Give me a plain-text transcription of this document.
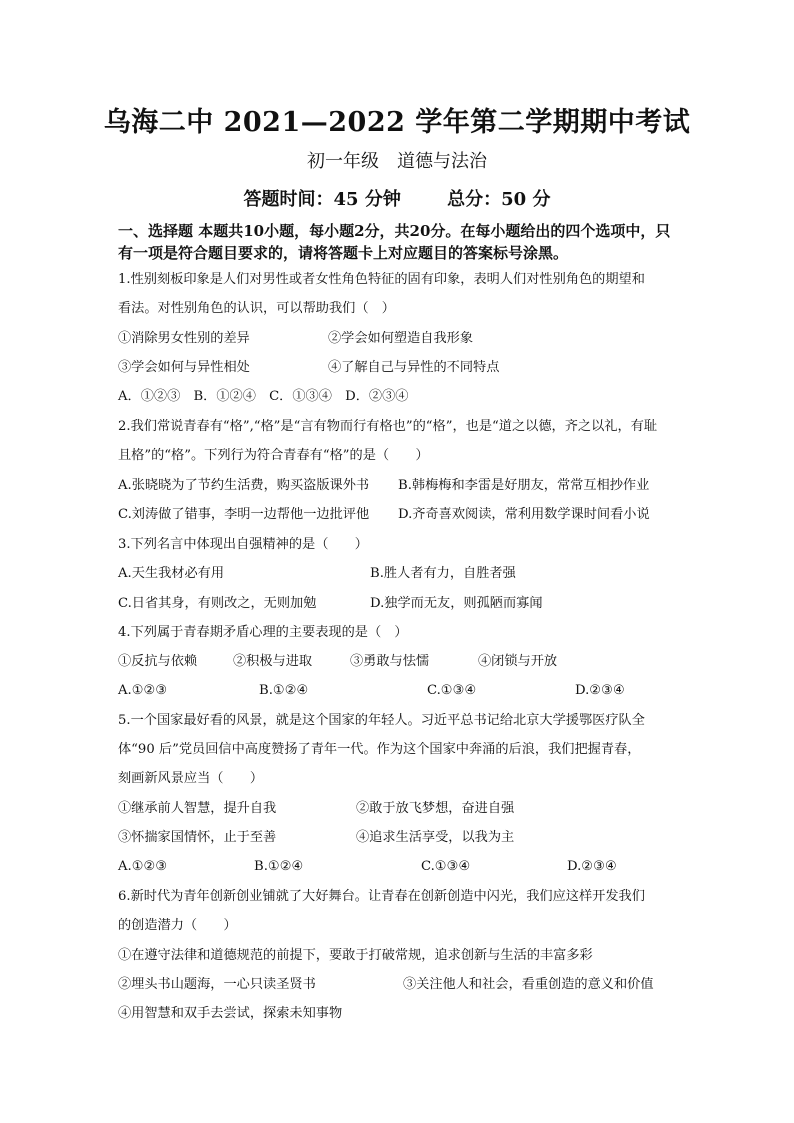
乌海二中 2021—2022 学年第二学期期中考试
初一年级　道德与法治
答题时间：45 分钟	总分：50 分
一、选择题 本题共10小题，每小题2分，共20分。在每小题给出的四个选项中，只有一项是符合题目要求的，请将答题卡上对应题目的答案标号涂黑。
1.性别刻板印象是人们对男性或者女性角色特征的固有印象，表明人们对性别角色的期望和
看法。对性别角色的认识，可以帮助我们（　）
①消除男女性别的差异	②学会如何塑造自我形象
③学会如何与异性相处	④了解自己与异性的不同特点
A．①②③　B．①②④　C．①③④　D．②③④
2.我们常说青春有“格”,“格”是“言有物而行有格也”的“格”，也是“道之以德，齐之以礼，有耻
且格”的“格”。下列行为符合青春有“格”的是（　　）
A.张晓晓为了节约生活费，购买盗版课外书 B.韩梅梅和李雷是好朋友，常常互相抄作业
C.刘涛做了错事，李明一边帮他一边批评他 D.齐奇喜欢阅读，常利用数学课时间看小说
3.下列名言中体现出自强精神的是（　　）
A.天生我材必有用	B.胜人者有力，自胜者强
C.日省其身，有则改之，无则加勉	D.独学而无友，则孤陋而寡闻
4.下列属于青春期矛盾心理的主要表现的是（　）
①反抗与依赖	②积极与进取	③勇敢与怯懦	④闭锁与开放
A.①②③	B.①②④	C.①③④	D.②③④
5.一个国家最好看的风景，就是这个国家的年轻人。习近平总书记给北京大学援鄂医疗队全
体“90 后”党员回信中高度赞扬了青年一代。作为这个国家中奔涌的后浪，我们把握青春，
刻画新风景应当（　　）
①继承前人智慧，提升自我	②敢于放飞梦想，奋进自强
③怀揣家国情怀，止于至善	④追求生活享受，以我为主
A.①②③	B.①②④	C.①③④	D.②③④
6.新时代为青年创新创业铺就了大好舞台。让青春在创新创造中闪光，我们应这样开发我们
的创造潜力（　　）
①在遵守法律和道德规范的前提下，要敢于打破常规，追求创新与生活的丰富多彩
②埋头书山题海，一心只读圣贤书	③关注他人和社会，看重创造的意义和价值
④用智慧和双手去尝试，探索未知事物
